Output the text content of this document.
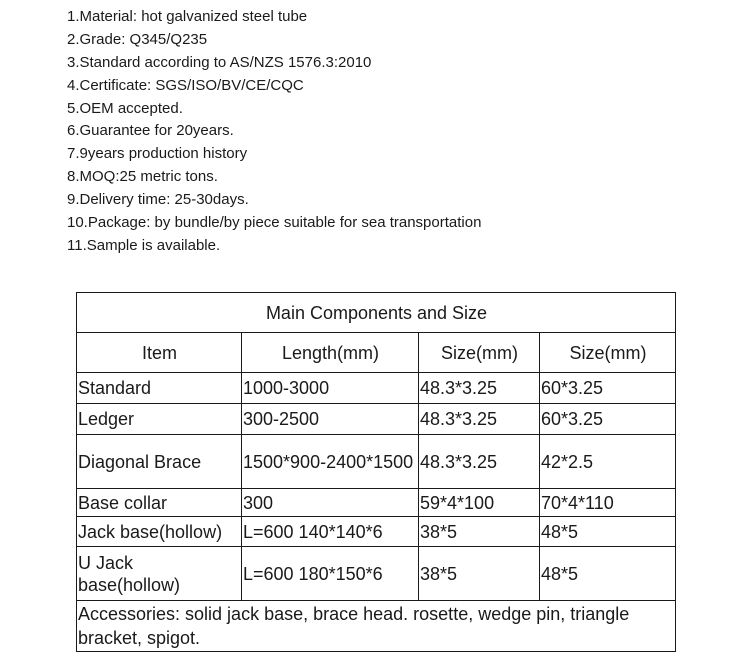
1.Material: hot galvanized steel tube
2.Grade: Q345/Q235
3.Standard according to AS/NZS 1576.3:2010
4.Certificate: SGS/ISO/BV/CE/CQC
5.OEM accepted.
6.Guarantee for 20years.
7.9years production history
8.MOQ:25 metric tons.
9.Delivery time: 25-30days.
10.Package: by bundle/by piece suitable for sea transportation
11.Sample is available.
Main Components and Size			
Item	Length(mm)	Size(mm)	Size(mm)
Standard	1000-3000	48.3*3.25	60*3.25
Ledger	300-2500	48.3*3.25	60*3.25
Diagonal Brace	1500*900-2400*1500	48.3*3.25	42*2.5
Base collar	300	59*4*100	70*4*110
Jack base(hollow)	L=600 140*140*6	38*5	48*5
U Jack base(hollow)	L=600 180*150*6	38*5	48*5
Accessories: solid jack base, brace head. rosette, wedge pin, triangle bracket, spigot.			
